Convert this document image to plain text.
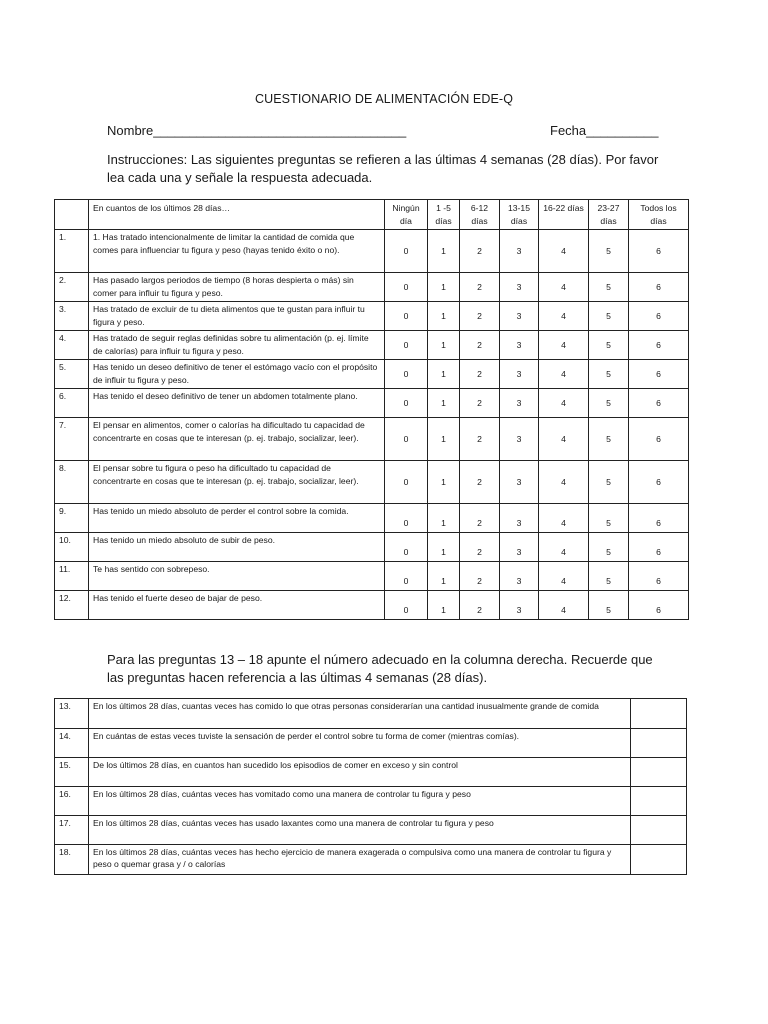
CUESTIONARIO DE ALIMENTACIÓN EDE-Q
Nombre___________________________________	Fecha__________
Instrucciones: Las siguientes preguntas se refieren a las últimas 4 semanas (28 días). Por favor lea cada una y señale la respuesta adecuada.
	En cuantos de los últimos 28 días…	Ningún día	1 -5 días	6-12 días	13-15 días	16-22 días	23-27 días	Todos los días
1.	1. Has tratado intencionalmente de limitar la cantidad de comida que comes para influenciar tu figura y peso (hayas tenido éxito o no).	0	1	2	3	4	5	6
2.	Has pasado largos periodos de tiempo (8 horas despierta o más) sin comer para influir tu figura y peso.	0	1	2	3	4	5	6
3.	Has tratado de excluir de tu dieta alimentos que te gustan para influir tu figura y peso.	0	1	2	3	4	5	6
4.	Has tratado de seguir reglas definidas sobre tu alimentación (p. ej. límite de calorías) para influir tu figura y peso.	0	1	2	3	4	5	6
5.	Has tenido un deseo definitivo de tener el estómago vacío con el propósito de influir tu figura y peso.	0	1	2	3	4	5	6
6.	Has tenido el deseo definitivo de tener un abdomen totalmente plano.	0	1	2	3	4	5	6
7.	El pensar en alimentos, comer o calorías ha dificultado tu capacidad de concentrarte en cosas que te interesan (p. ej. trabajo, socializar, leer).	0	1	2	3	4	5	6
8.	El pensar sobre tu figura o peso ha dificultado tu capacidad de concentrarte en cosas que te interesan (p. ej. trabajo, socializar, leer).	0	1	2	3	4	5	6
9.	Has tenido un miedo absoluto de perder el control sobre la comida.	0	1	2	3	4	5	6
10.	Has tenido un miedo absoluto de subir de peso.	0	1	2	3	4	5	6
11.	Te has sentido con sobrepeso.	0	1	2	3	4	5	6
12.	Has tenido el fuerte deseo de bajar de peso.	0	1	2	3	4	5	6
Para las preguntas 13 – 18 apunte el número adecuado en la columna derecha. Recuerde que las preguntas hacen referencia a las últimas 4 semanas (28 días).
13.	En los últimos 28 días, cuantas veces has comido lo que otras personas considerarían una cantidad inusualmente grande de comida	
14.	En cuántas de estas veces tuviste la sensación de perder el control sobre tu forma de comer (mientras comías).	
15.	De los últimos 28 días, en cuantos han sucedido los episodios de comer en exceso y sin control	
16.	En los últimos 28 días, cuántas veces has vomitado como una manera de controlar tu figura y peso	
17.	En los últimos 28 días, cuántas veces has usado laxantes como una manera de controlar tu figura y peso	
18.	En los últimos 28 días, cuántas veces has hecho ejercicio de manera exagerada o compulsiva como una manera de controlar tu figura y peso o quemar grasa y / o calorías	
